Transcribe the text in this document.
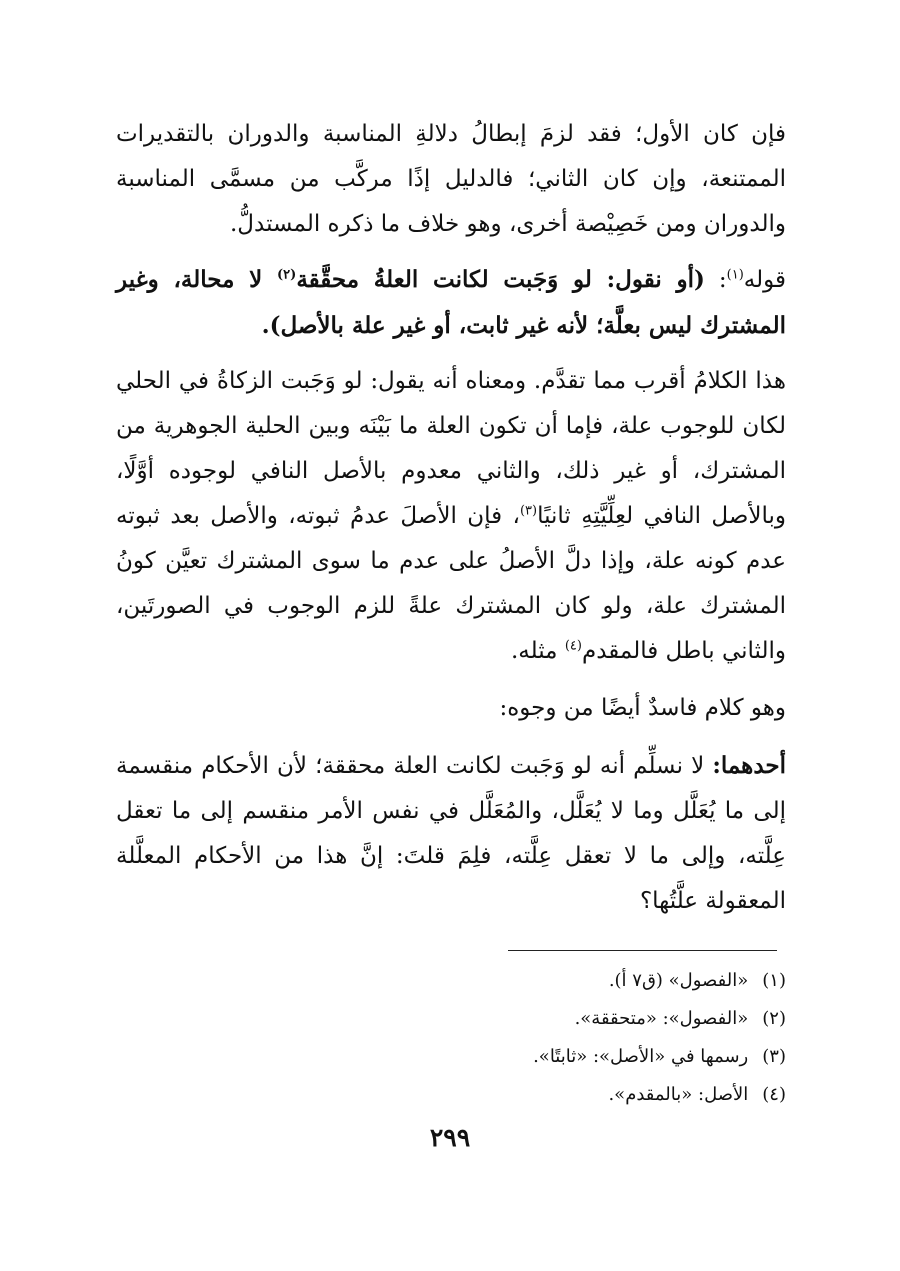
فإن كان الأول؛ فقد لزمَ إبطالُ دلالةِ المناسبة والدوران بالتقديرات الممتنعة، وإن كان الثاني؛ فالدليل إذًا مركَّب من مسمَّى المناسبة والدوران ومن خَصِيْصة أخرى، وهو خلاف ما ذكره المستدلُّ.

قوله$^{(١)}$: (أو نقول: لو وَجَبت لكانت العلةُ محقَّقة$^{(٢)}$ لا محالة، وغير المشترك ليس بعلَّة؛ لأنه غير ثابت، أو غير علة بالأصل).

هذا الكلامُ أقرب مما تقدَّم. ومعناه أنه يقول: لو وَجَبت الزكاةُ في الحلي لكان للوجوب علة، فإما أن تكون العلة ما بَيْنَه وبين الحلية الجوهرية من المشترك، أو غير ذلك، والثاني معدوم بالأصل النافي لوجوده أوَّلًا، وبالأصل النافي لعِلِّيَّتِهِ ثانيًا$^{(٣)}$، فإن الأصلَ عدمُ ثبوته، والأصل بعد ثبوته عدم كونه علة، وإذا دلَّ الأصلُ على عدم ما سوى المشترك تعيَّن كونُ المشترك علة، ولو كان المشترك علةً للزم الوجوب في الصورتَين، والثاني باطل فالمقدم$^{(٤)}$ مثله.

وهو كلام فاسدٌ أيضًا من وجوه:

أحدهما: لا نسلِّم أنه لو وَجَبت لكانت العلة محققة؛ لأن الأحكام منقسمة إلى ما يُعَلَّل وما لا يُعَلَّل، والمُعَلَّل في نفس الأمر منقسم إلى ما تعقل عِلَّته، وإلى ما لا تعقل عِلَّته، فلِمَ قلتَ: إنَّ هذا من الأحكام المعلَّلة المعقولة علَّتُها؟

(١)«الفصول» (ق٧ أ).
(٢)«الفصول»: «متحققة».
(٣)رسمها في «الأصل»: «ثابتًا».
(٤)الأصل: «بالمقدم».
٢٩٩
